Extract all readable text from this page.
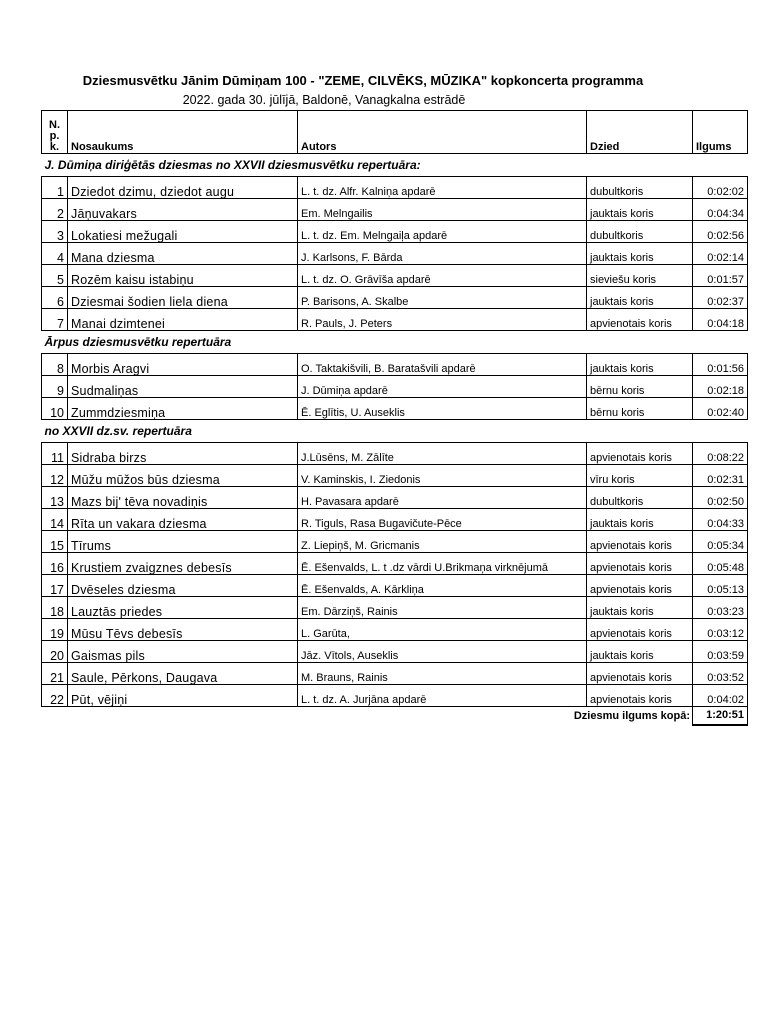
Dziesmusvētku Jānim Dūmiņam 100 - "ZEME, CILVĒKS, MŪZIKA" kopkoncerta programma
2022. gada 30. jūlījā, Baldonē, Vanagkalna estrādē
N. p. k.	Nosaukums	Autors	Dzied	Ilgums
J. Dūmiņa diriģētās dziesmas no XXVII dziesmusvētku repertuāra:				
1	Dziedot dzimu, dziedot augu	L. t. dz. Alfr. Kalniņa apdarē	dubultkoris	0:02:02
2	Jāņuvakars	Em. Melngailis	jauktais koris	0:04:34
3	Lokatiesi mežugali	L. t. dz. Em. Melngaiļa apdarē	dubultkoris	0:02:56
4	Mana dziesma	J. Karlsons, F. Bārda	jauktais koris	0:02:14
5	Rozēm kaisu istabiņu	L. t. dz. O. Grāvīša apdarē	sieviešu koris	0:01:57
6	Dziesmai šodien liela diena	P. Barisons, A. Skalbe	jauktais koris	0:02:37
7	Manai dzimtenei	R. Pauls, J. Peters	apvienotais koris	0:04:18
Ārpus dziesmusvētku repertuāra				
8	Morbis Aragvi	O. Taktakišvili, B. Baratašvili apdarē	jauktais koris	0:01:56
9	Sudmaliņas	J. Dūmiņa apdarē	bērnu koris	0:02:18
10	Zummdziesmiņa	Ē. Eglītis, U. Auseklis	bērnu koris	0:02:40
no XXVII dz.sv. repertuāra				
11	Sidraba birzs	J.Lūsēns, M. Zālīte	apvienotais koris	0:08:22
12	Mūžu mūžos būs dziesma	V. Kaminskis, I. Ziedonis	vīru koris	0:02:31
13	Mazs bij' tēva novadiņis	H. Pavasara apdarē	dubultkoris	0:02:50
14	Rīta un vakara dziesma	R. Tiguls, Rasa Bugavičute-Pēce	jauktais koris	0:04:33
15	Tīrums	Z. Liepiņš, M. Gricmanis	apvienotais koris	0:05:34
16	Krustiem zvaigznes debesīs	Ē. Ešenvalds, L. t .dz vārdi U.Brikmaņa virknējumā	apvienotais koris	0:05:48
17	Dvēseles dziesma	Ē. Ešenvalds, A. Kārkliņa	apvienotais koris	0:05:13
18	Lauztās priedes	Em. Dārziņš, Rainis	jauktais koris	0:03:23
19	Mūsu Tēvs debesīs	L. Garūta,	apvienotais koris	0:03:12
20	Gaismas pils	Jāz. Vītols, Auseklis	jauktais koris	0:03:59
21	Saule, Pērkons, Daugava	M. Brauns, Rainis	apvienotais koris	0:03:52
22	Pūt, vējiņi	L. t. dz. A. Jurjāna apdarē	apvienotais koris	0:04:02
Dziesmu ilgums kopā:				1:20:51
